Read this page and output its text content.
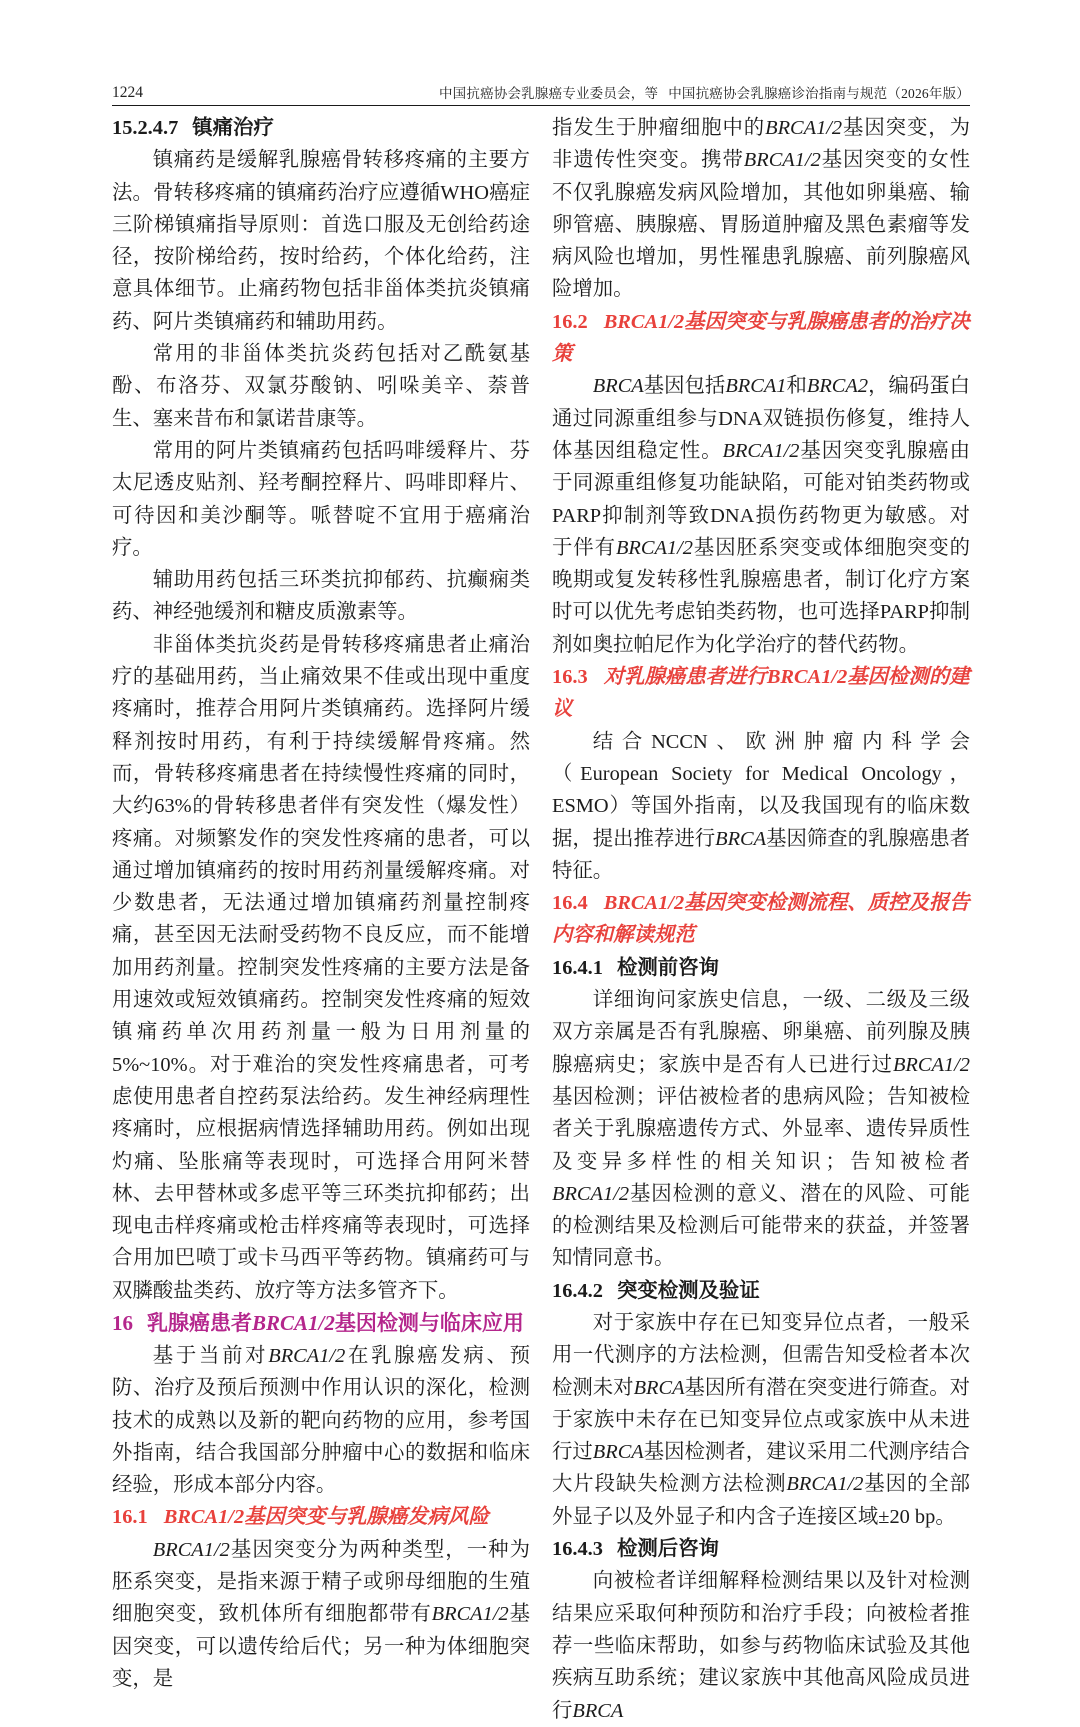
1224	中国抗癌协会乳腺癌专业委员会，等 中国抗癌协会乳腺癌诊治指南与规范（2026年版）
15.2.4.7 镇痛治疗

镇痛药是缓解乳腺癌骨转移疼痛的主要方法。骨转移疼痛的镇痛药治疗应遵循WHO癌症三阶梯镇痛指导原则：首选口服及无创给药途径，按阶梯给药，按时给药，个体化给药，注意具体细节。止痛药物包括非甾体类抗炎镇痛药、阿片类镇痛药和辅助用药。

常用的非甾体类抗炎药包括对乙酰氨基酚、布洛芬、双氯芬酸钠、吲哚美辛、萘普生、塞来昔布和氯诺昔康等。

常用的阿片类镇痛药包括吗啡缓释片、芬太尼透皮贴剂、羟考酮控释片、吗啡即释片、可待因和美沙酮等。哌替啶不宜用于癌痛治疗。

辅助用药包括三环类抗抑郁药、抗癫痫类药、神经弛缓剂和糖皮质激素等。

非甾体类抗炎药是骨转移疼痛患者止痛治疗的基础用药，当止痛效果不佳或出现中重度疼痛时，推荐合用阿片类镇痛药。选择阿片缓释剂按时用药，有利于持续缓解骨疼痛。然而，骨转移疼痛患者在持续慢性疼痛的同时，大约63%的骨转移患者伴有突发性（爆发性）疼痛。对频繁发作的突发性疼痛的患者，可以通过增加镇痛药的按时用药剂量缓解疼痛。对少数患者，无法通过增加镇痛药剂量控制疼痛，甚至因无法耐受药物不良反应，而不能增加用药剂量。控制突发性疼痛的主要方法是备用速效或短效镇痛药。控制突发性疼痛的短效镇痛药单次用药剂量一般为日用剂量的5%~10%。对于难治的突发性疼痛患者，可考虑使用患者自控药泵法给药。发生神经病理性疼痛时，应根据病情选择辅助用药。例如出现灼痛、坠胀痛等表现时，可选择合用阿米替林、去甲替林或多虑平等三环类抗抑郁药；出现电击样疼痛或枪击样疼痛等表现时，可选择合用加巴喷丁或卡马西平等药物。镇痛药可与双膦酸盐类药、放疗等方法多管齐下。

16 乳腺癌患者BRCA1/2基因检测与临床应用

基于当前对BRCA1/2在乳腺癌发病、预防、治疗及预后预测中作用认识的深化，检测技术的成熟以及新的靶向药物的应用，参考国外指南，结合我国部分肿瘤中心的数据和临床经验，形成本部分内容。

16.1 BRCA1/2基因突变与乳腺癌发病风险

BRCA1/2基因突变分为两种类型，一种为胚系突变，是指来源于精子或卵母细胞的生殖细胞突变，致机体所有细胞都带有BRCA1/2基因突变，可以遗传给后代；另一种为体细胞突变，是

指发生于肿瘤细胞中的BRCA1/2基因突变，为非遗传性突变。携带BRCA1/2基因突变的女性不仅乳腺癌发病风险增加，其他如卵巢癌、输卵管癌、胰腺癌、胃肠道肿瘤及黑色素瘤等发病风险也增加，男性罹患乳腺癌、前列腺癌风险增加。

16.2 BRCA1/2基因突变与乳腺癌患者的治疗决策

BRCA基因包括BRCA1和BRCA2，编码蛋白通过同源重组参与DNA双链损伤修复，维持人体基因组稳定性。BRCA1/2基因突变乳腺癌由于同源重组修复功能缺陷，可能对铂类药物或PARP抑制剂等致DNA损伤药物更为敏感。对于伴有BRCA1/2基因胚系突变或体细胞突变的晚期或复发转移性乳腺癌患者，制订化疗方案时可以优先考虑铂类药物，也可选择PARP抑制剂如奥拉帕尼作为化学治疗的替代药物。

16.3 对乳腺癌患者进行BRCA1/2基因检测的建议

结合NCCN、欧洲肿瘤内科学会（European Society for Medical Oncology，ESMO）等国外指南，以及我国现有的临床数据，提出推荐进行BRCA基因筛查的乳腺癌患者特征。

16.4 BRCA1/2基因突变检测流程、质控及报告内容和解读规范
16.4.1 检测前咨询

详细询问家族史信息，一级、二级及三级双方亲属是否有乳腺癌、卵巢癌、前列腺及胰腺癌病史；家族中是否有人已进行过BRCA1/2基因检测；评估被检者的患病风险；告知被检者关于乳腺癌遗传方式、外显率、遗传异质性及变异多样性的相关知识；告知被检者BRCA1/2基因检测的意义、潜在的风险、可能的检测结果及检测后可能带来的获益，并签署知情同意书。

16.4.2 突变检测及验证

对于家族中存在已知变异位点者，一般采用一代测序的方法检测，但需告知受检者本次检测未对BRCA基因所有潜在突变进行筛查。对于家族中未存在已知变异位点或家族中从未进行过BRCA基因检测者，建议采用二代测序结合大片段缺失检测方法检测BRCA1/2基因的全部外显子以及外显子和内含子连接区域±20 bp。

16.4.3 检测后咨询

向被检者详细解释检测结果以及针对检测结果应采取何种预防和治疗手段；向被检者推荐一些临床帮助，如参与药物临床试验及其他疾病互助系统；建议家族中其他高风险成员进行BRCA
